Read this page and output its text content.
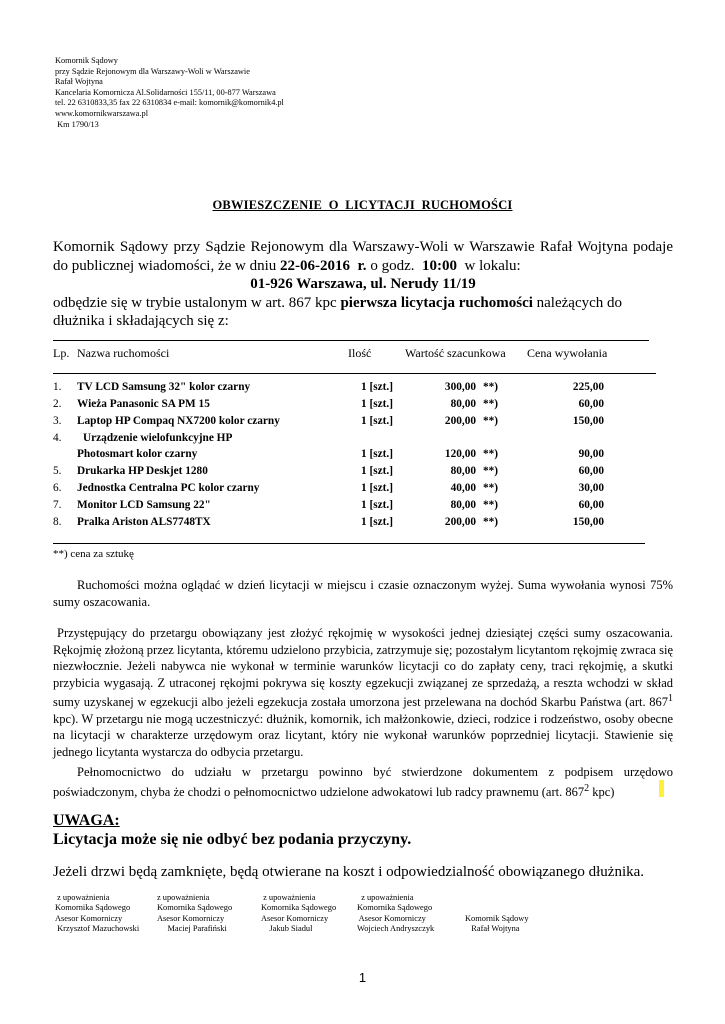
Komornik Sądowy
przy Sądzie Rejonowym dla Warszawy-Woli w Warszawie
Rafał Wojtyna
Kancelaria Komornicza Al.Solidarności 155/11, 00-877 Warszawa
tel. 22 6310833,35 fax 22 6310834 e-mail: komornik@komornik4.pl
www.komornikwarszawa.pl
Km 1790/13
OBWIESZCZENIE  O  LICYTACJI  RUCHOMOŚCI
Komornik Sądowy przy Sądzie Rejonowym dla Warszawy-Woli w Warszawie Rafał Wojtyna podaje do publicznej wiadomości, że w dniu 22-06-2016  r. o godz.  10:00  w lokalu:
01-926 Warszawa, ul. Nerudy 11/19
odbędzie się w trybie ustalonym w art. 867 kpc pierwsza licytacja ruchomości należących do dłużnika i składających się z:
Lp. Nazwa ruchomości	Ilość	Wartość szacunkowa Cena wywołania
1. TV LCD Samsung 32" kolor czarny	1 [szt.]	300,00 **)	225,00
2. Wieża Panasonic SA PM 15	1 [szt.]	80,00 **)	60,00
3. Laptop HP Compaq NX7200 kolor czarny	1 [szt.]	200,00 **)	150,00
4. Urządzenie wielofunkcyjne HP
Photosmart kolor czarny	1 [szt.]	120,00 **)	90,00
5. Drukarka HP Deskjet 1280	1 [szt.]	80,00 **)	60,00
6. Jednostka Centralna PC kolor czarny	1 [szt.]	40,00 **)	30,00
7. Monitor LCD Samsung 22"	1 [szt.]	80,00 **)	60,00
8. Pralka Ariston ALS7748TX	1 [szt.]	200,00 **)	150,00
**) cena za sztukę
Ruchomości można oglądać w dzień licytacji w miejscu i czasie oznaczonym wyżej. Suma wywołania wynosi 75% sumy oszacowania.
Przystępujący do przetargu obowiązany jest złożyć rękojmię w wysokości jednej dziesiątej części sumy oszacowania. Rękojmię złożoną przez licytanta, któremu udzielono przybicia, zatrzymuje się; pozostałym licytantom rękojmię zwraca się niezwłocznie. Jeżeli nabywca nie wykonał w terminie warunków licytacji co do zapłaty ceny, traci rękojmię, a skutki przybicia wygasają. Z utraconej rękojmi pokrywa się koszty egzekucji związanej ze sprzedażą, a reszta wchodzi w skład sumy uzyskanej w egzekucji albo jeżeli egzekucja została umorzona jest przelewana na dochód Skarbu Państwa (art. $867^1$ kpc). W przetargu nie mogą uczestniczyć: dłużnik, komornik, ich małżonkowie, dzieci, rodzice i rodzeństwo, osoby obecne na licytacji w charakterze urzędowym oraz licytant, który nie wykonał warunków poprzedniej licytacji. Stawienie się jednego licytanta wystarcza do odbycia przetargu.
Pełnomocnictwo do udziału w przetargu powinno być stwierdzone dokumentem z podpisem urzędowo poświadczonym, chyba że chodzi o pełnomocnictwo udzielone adwokatowi lub radcy prawnemu (art. $867^2$ kpc)
UWAGA:
Licytacja może się nie odbyć bez podania przyczyny.
Jeżeli drzwi będą zamknięte, będą otwierane na koszt i odpowiedzialność obowiązanego dłużnika.
z upoważnienia
Komornika Sądowego
Asesor Komorniczy
Krzysztof Mazuchowski
z upoważnienia
Komornika Sądowego
Asesor Komorniczy
Maciej Parafiński
z upoważnienia
Komornika Sądowego
Asesor Komorniczy
Jakub Siadul
z upoważnienia
Komornika Sądowego
Asesor Komorniczy
Wojciech Andryszczyk

Komornik Sądowy
Rafał Wojtyna
1
